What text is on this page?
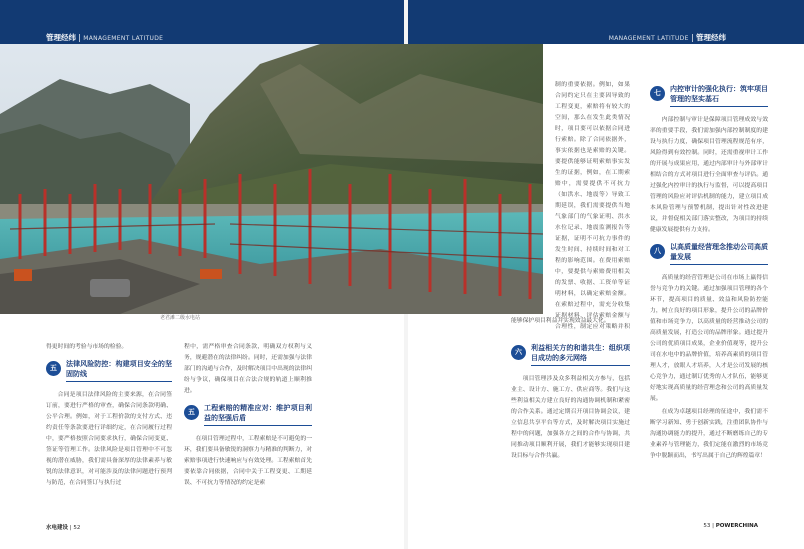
管理经纬 | MANAGEMENT LATITUDE	MANAGEMENT LATITUDE | 管理经纬
老君滩二级水电站

制的重要依据。例如，如果合同约定只在主要因导致的工程变更，索赔将有较大的空间，那么在发生此类情况时，项目要可以依据合同进行索赔。除了合同依据外，事实依据也是索赔的关键。要提供能够证明索赔事实发生的证据，例如，在工期索赔中，需要提供不可抗力（如洪水、地震等）导致工期延误，我们需要提供当地气象部门的气象证明、洪水水位记录、地震监测报告等证据，证明不可抗力事件的发生时间、持续时间和对工程的影响范围。在费用索赔中，要提供与索赔费用相关的发票、收据、工资单等证明材料，以确定索赔金额。在索赔过程中，需充分收集证据材料，评估索赔金额与合理性，制定应对策略并积

能够保护项目利益并实现效益最大化。

六	利益相关方的和谐共生：组织项目成功的多元网络

项目管理涉及众多利益相关方参与，包括业主、设计方、施工方、供应商等。我们与这些利益相关方建立良好的沟通协调机制和紧密的合作关系。通过定期召开项目协调会议，建立信息共享平台等方式，及时解决项目实施过程中的问题，加强各方之间的合作与协调，共同推动项目顺利开展，我们才能够实现项目建设目标与合作共赢。

得更时间的考验与市场的检验。

五	法律风险防控：构建项目安全的坚固防线

合同是项目法律风险的主要来源，在合同签订前，要进行严格的审查，确保合同条款明确、公平合理。例如，对于工程价款的支付方式、违约责任等条款要进行详细约定，在合同履行过程中，要严格按照合同要求执行，确保合同变更、签证等管理工作。法律风险是项目管理中不可忽视的潜在威胁，我们需具备深厚的法律素养与敏锐的法律意识，对可能涉及的法律问题进行预判与防范，在合同签订与执行过

程中，需严格审查合同条款，明确双方权利与义务，规避潜在的法律纠纷。同时，还需加强与法律部门的沟通与合作，及时解决项目中出现的法律纠纷与争议，确保项目在合法合规的轨道上顺利推进。

五	工程索赔的精准应对：维护项目利益的坚强后盾

在项目管理过程中，工程索赔是不可避免的一环，我们要具备敏锐的洞察力与精准的判断力，对索赔事项进行快速响应与有效处理。工程索赔首先要依靠合同依据，合同中关于工程变更、工期延误、不可抗力等情况的约定是索

七	内控审计的强化执行：筑牢项目管理的坚实基石

内部控制与审计是保障项目管理成效与效率的重要手段，我们需加强内部控制制度的建设与执行力度，确保项目管理流程规范有序，风险得到有效控制。同时，还需重视审计工作的开展与成果应用，通过内部审计与外部审计相结合的方式对项目进行全面审查与评估。通过强化内控审计的执行与监督，可以提高项目管理的风险应对评估机制的能力，建立项目成本风险管理与预警机制，提出针对性改进建议，并督促相关部门落实整改，为项目的持续健康发展提供有力支持。

八	以高质量经营理念推动公司高质量发展

高质量的经营管理是公司在市场上赢得信誉与竞争力的关键。通过加强项目管理的各个环节，提高项目的质量、效益和风险防控能力，树立良好的项目形象，提升公司的品牌价值和市场竞争力，以高质量的经营推动公司的高质量发展，打造公司的品牌形象。通过提升公司的优质项目成果，企业价值观等，提升公司在水电中的品牌价值，培养高素质的项目管理人才，放眼人才培养，人才是公司发展的核心竞争力，通过制订优秀的人才队伍，能够更好地实现高质量的经营理念和公司的高质量发展。

在成为卓越项目经理的征途中，我们需不断学习新知、勇于创新实践，注重团队协作与沟通协调能力的提升，通过不断磨练自己的专业素养与管理能力，我们定能在激烈的市场竞争中脱颖而出，书写出属于自己的辉煌篇章！

水电建设 | 52	53 | POWERCHINA
